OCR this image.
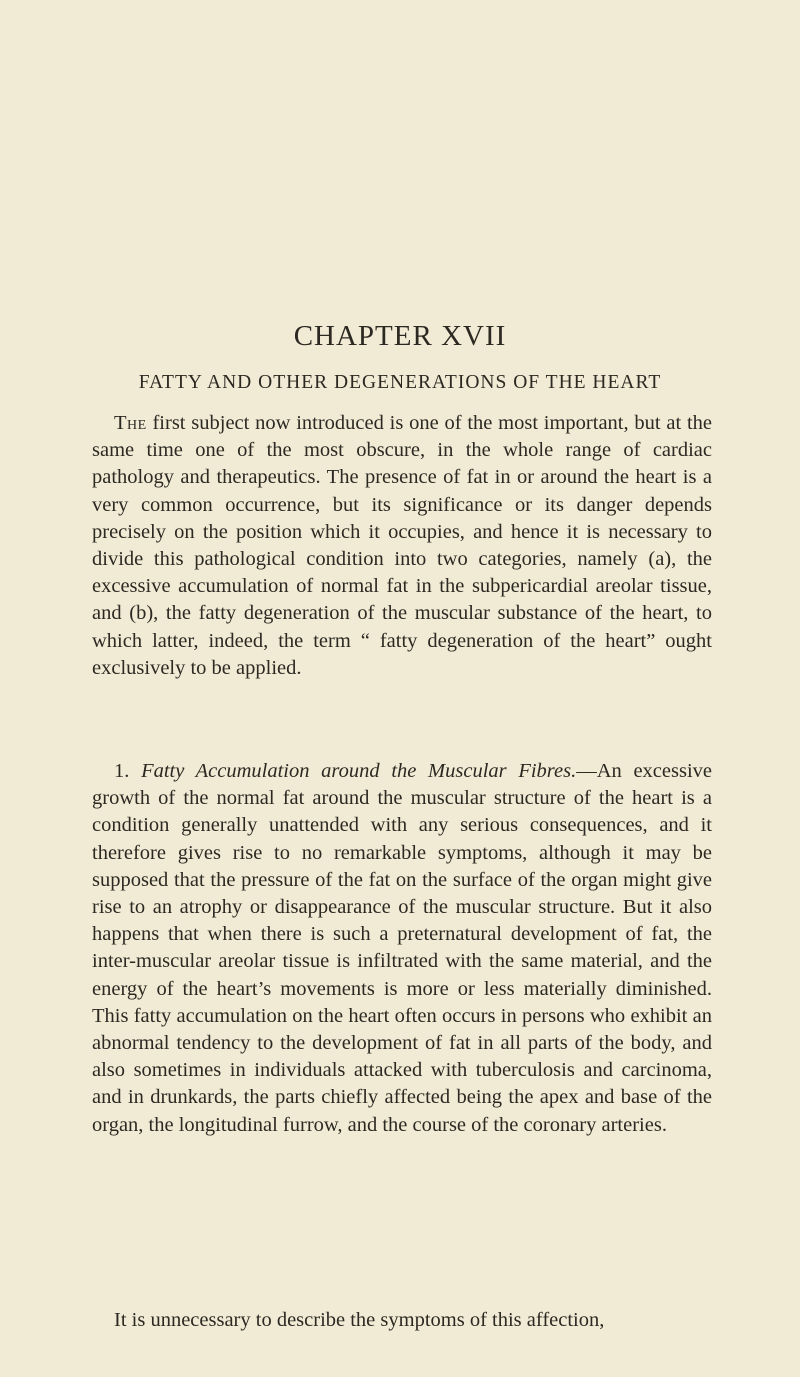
CHAPTER XVII
FATTY AND OTHER DEGENERATIONS OF THE HEART

The first subject now introduced is one of the most important, but at the same time one of the most obscure, in the whole range of cardiac pathology and therapeutics. The presence of fat in or around the heart is a very common occurrence, but its significance or its danger depends precisely on the position which it occupies, and hence it is necessary to divide this pathological condition into two categories, namely (a), the excessive accumulation of normal fat in the subpericardial areolar tissue, and (b), the fatty degeneration of the muscular substance of the heart, to which latter, indeed, the term “ fatty degeneration of the heart” ought exclusively to be applied.

1. Fatty Accumulation around the Muscular Fibres.—An excessive growth of the normal fat around the muscular structure of the heart is a condition generally unattended with any serious consequences, and it therefore gives rise to no remarkable symptoms, although it may be supposed that the pressure of the fat on the surface of the organ might give rise to an atrophy or disappearance of the muscular structure. But it also happens that when there is such a preternatural development of fat, the inter-muscular areolar tissue is infiltrated with the same material, and the energy of the heart’s movements is more or less materially diminished. This fatty accumulation on the heart often occurs in persons who exhibit an abnormal tendency to the development of fat in all parts of the body, and also sometimes in individuals attacked with tuberculosis and carcinoma, and in drunkards, the parts chiefly affected being the apex and base of the organ, the longitudinal furrow, and the course of the coronary arteries.

It is unnecessary to describe the symptoms of this affection,
